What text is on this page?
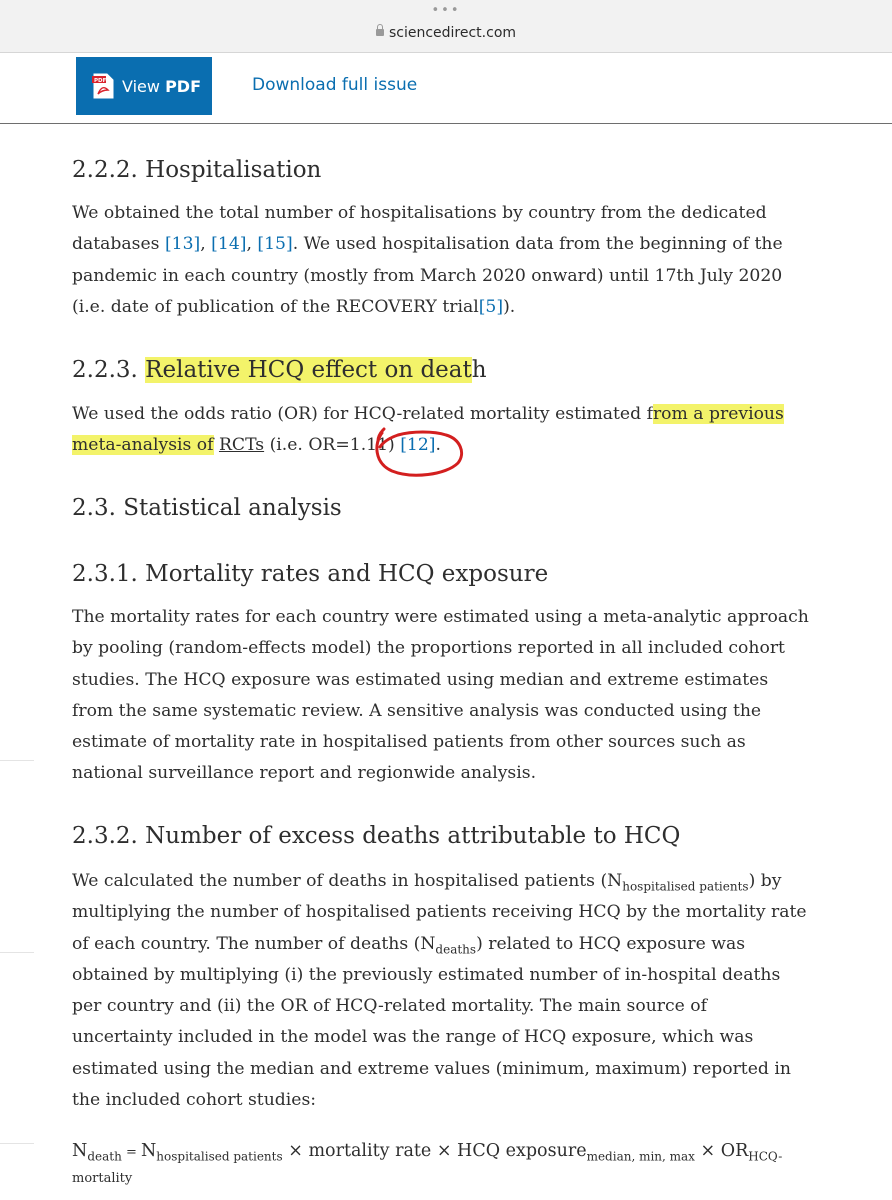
•••
sciencedirect.com
PDF View PDF	Download full issue
2.2.2. Hospitalisation

We obtained the total number of hospitalisations by country from the dedicated
databases [13], [14], [15]. We used hospitalisation data from the beginning of the
pandemic in each country (mostly from March 2020 onward) until 17th July 2020
(i.e. date of publication of the RECOVERY trial[5]).

2.2.3. Relative HCQ effect on death

We used the odds ratio (OR) for HCQ-related mortality estimated from a previous
meta-analysis of RCTs (i.e. OR=1.11) [12].

2.3. Statistical analysis
2.3.1. Mortality rates and HCQ exposure

The mortality rates for each country were estimated using a meta-analytic approach
by pooling (random-effects model) the proportions reported in all included cohort
studies. The HCQ exposure was estimated using median and extreme estimates
from the same systematic review. A sensitive analysis was conducted using the
estimate of mortality rate in hospitalised patients from other sources such as
national surveillance report and regionwide analysis.

2.3.2. Number of excess deaths attributable to HCQ

We calculated the number of deaths in hospitalised patients $(N_{hospitalised patients})$ by
multiplying the number of hospitalised patients receiving HCQ by the mortality rate
of each country. The number of deaths $(N_{deaths})$ related to HCQ exposure was
obtained by multiplying (i) the previously estimated number of in-hospital deaths
per country and (ii) the OR of HCQ-related mortality. The main source of
uncertainty included in the model was the range of HCQ exposure, which was
estimated using the median and extreme values (minimum, maximum) reported in
the included cohort studies:

$N_{death} = N_{hospitalised patients}$ × mortality rate × HCQ exposure$_{median, min, max}$ × $OR_{HCQ-}$
mortality
